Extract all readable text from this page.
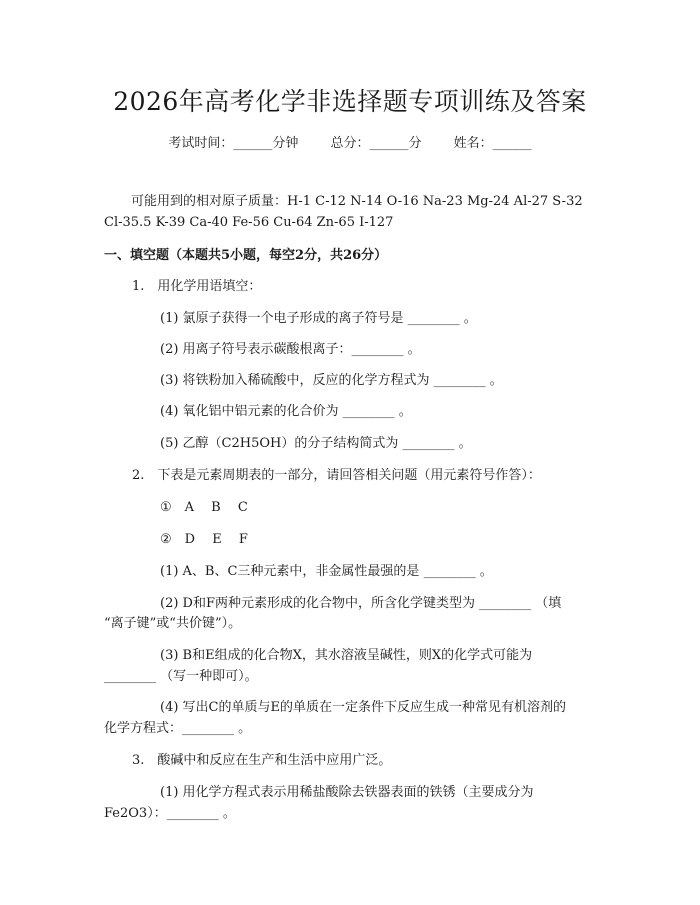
2026年高考化学非选择题专项训练及答案
考试时间：______分钟 总分：______分 姓名：______
可能用到的相对原子质量：H-1 C-12 N-14 O-16 Na-23 Mg-24 Al-27 S-32
Cl-35.5 K-39 Ca-40 Fe-56 Cu-64 Zn-65 I-127
一、填空题（本题共5小题，每空2分，共26分）
1.　用化学用语填空：
(1) 氯原子获得一个电子形成的离子符号是 ________ 。
(2) 用离子符号表示碳酸根离子：________ 。
(3) 将铁粉加入稀硫酸中，反应的化学方程式为 ________ 。
(4) 氧化铝中铝元素的化合价为 ________ 。
(5) 乙醇（C2H5OH）的分子结构简式为 ________ 。
2.　下表是元素周期表的一部分，请回答相关问题（用元素符号作答）：
①　A　 B　 C
②　D　 E　 F
(1) A、B、C三种元素中，非金属性最强的是 ________ 。
(2) D和F两种元素形成的化合物中，所含化学键类型为 ________ （填
“离子键”或“共价键”）。
(3) B和E组成的化合物X，其水溶液呈碱性，则X的化学式可能为
________ （写一种即可）。
(4) 写出C的单质与E的单质在一定条件下反应生成一种常见有机溶剂的
化学方程式：________ 。
3.　酸碱中和反应在生产和生活中应用广泛。
(1) 用化学方程式表示用稀盐酸除去铁器表面的铁锈（主要成分为
Fe2O3）：________ 。
